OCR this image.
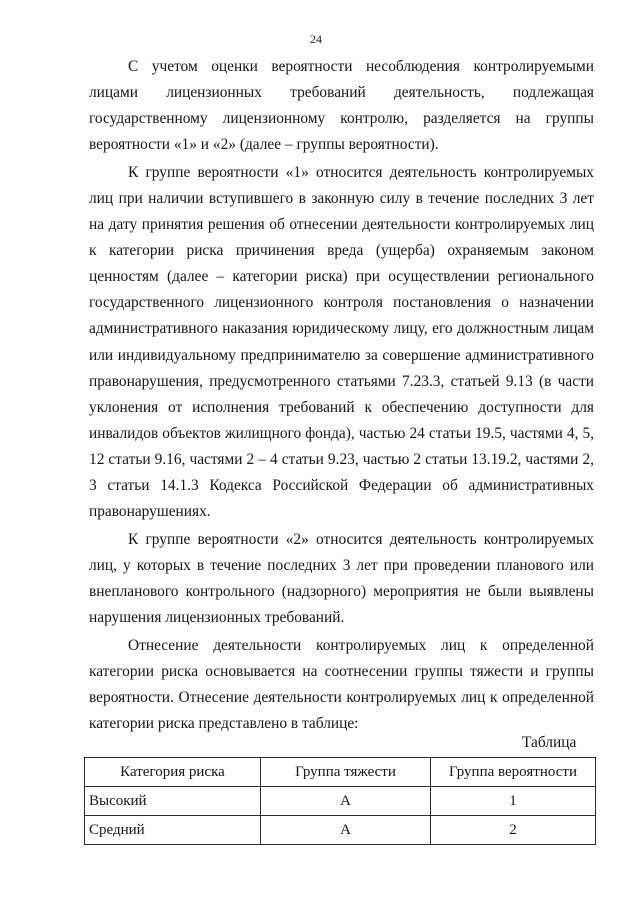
24

С учетом оценки вероятности несоблюдения контролируемыми лицами лицензионных требований деятельность, подлежащая государственному лицензионному контролю, разделяется на группы вероятности «1» и «2» (далее – группы вероятности).

К группе вероятности «1» относится деятельность контролируемых лиц при наличии вступившего в законную силу в течение последних 3 лет на дату принятия решения об отнесении деятельности контролируемых лиц к категории риска причинения вреда (ущерба) охраняемым законом ценностям (далее – категории риска) при осуществлении регионального государственного лицензионного контроля постановления о назначении административного наказания юридическому лицу, его должностным лицам или индивидуальному предпринимателю за совершение административного правонарушения, предусмотренного статьями 7.23.3, статьей 9.13 (в части уклонения от исполнения требований к обеспечению доступности для инвалидов объектов жилищного фонда), частью 24 статьи 19.5, частями 4, 5, 12 статьи 9.16, частями 2 – 4 статьи 9.23, частью 2 статьи 13.19.2, частями 2, 3 статьи 14.1.3 Кодекса Российской Федерации об административных правонарушениях.

К группе вероятности «2» относится деятельность контролируемых лиц, у которых в течение последних 3 лет при проведении планового или внепланового контрольного (надзорного) мероприятия не были выявлены нарушения лицензионных требований.

Отнесение деятельности контролируемых лиц к определенной категории риска основывается на соотнесении группы тяжести и группы вероятности. Отнесение деятельности контролируемых лиц к определенной категории риска представлено в таблице:

Таблица
Категория риска	Группа тяжести	Группа вероятности
Высокий	А	1
Средний	А	2
